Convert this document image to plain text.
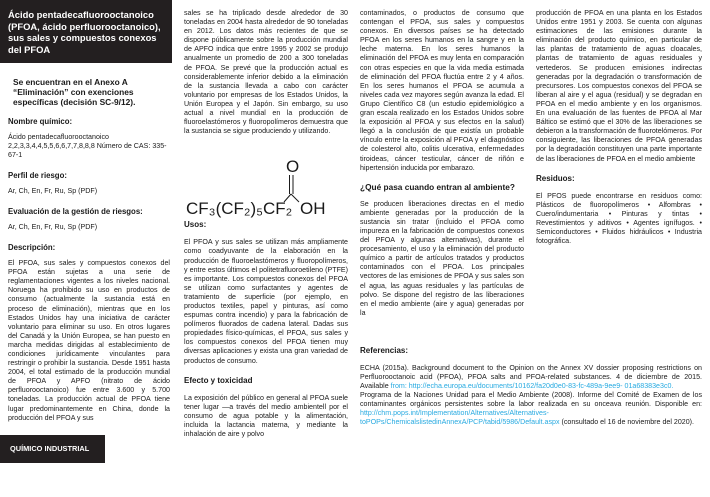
Ácido pentadecafluorooctanoico (PFOA, ácido perfluorooctanoico), sus sales y compuestos conexos del PFOA
Se encuentran en el Anexo A “Eliminación” con exenciones específicas (decisión SC-9/12).
Nombre químico:
Ácido pentadecafluorooctanoico 2,2,3,3,4,4,5,5,6,6,7,7,8,8,8 Número de CAS: 335-67-1
Perfil de riesgo:
Ar, Ch, En, Fr, Ru, Sp (PDF)
Evaluación de la gestión de riesgos:
Ar, Ch, En, Fr, Ru, Sp (PDF)
Descripción:
El PFOA, sus sales y compuestos conexos del PFOA están sujetas a una serie de reglamentaciones vigentes a los niveles nacional. Noruega ha prohibido su uso en productos de consumo (actualmente la sustancia está en proceso de eliminación), mientras que en los Estados Unidos hay una iniciativa de carácter voluntario para eliminar su uso. En otros lugares del Canadá y la Unión Europea, se han puesto en marcha medidas dirigidas al establecimiento de condiciones jurídicamente vinculantes para restringir o prohibir la sustancia. Desde 1951 hasta 2004, el total estimado de la producción mundial de PFOA y APFO (nitrato de ácido perfluorooctanoico) fue entre 3.600 y 5.700 toneladas. La producción actual de PFOA tiene lugar predominantemente en China, donde la producción del PFOA y sus
QUÍMICO INDUSTRIAL
sales se ha triplicado desde alrededor de 30 toneladas en 2004 hasta alrededor de 90 toneladas en 2012. Los datos más recientes de que se dispone públicamente sobre la producción mundial de APFO indica que entre 1995 y 2002 se produjo anualmente un promedio de 200 a 300 toneladas de PFOA. Se prevé que la producción actual es considerablemente inferior debido a la eliminación de la sustancia llevada a cabo con carácter voluntario por empresas de los Estados Unidos, la Unión Europea y el Japón. Sin embargo, su uso actual a nivel mundial en la producción de fluoroelastómeros y fluoropolímeros demuestra que la sustancia se sigue produciendo y utilizando.
O
OH
CF₃(CF₂)₅CF₂
Usos:
El PFOA y sus sales se utilizan más ampliamente como coadyuvante de la elaboración en la producción de fluoroelastómeros y fluoropolímeros, y entre estos últimos el politetrafluoroetileno (PTFE) es importante. Los compuestos conexos del PFOA se utilizan como surfactantes y agentes de tratamiento de superficie (por ejemplo, en productos textiles, papel y pinturas, así como espumas contra incendio) y para la fabricación de polímeros fluorados de cadena lateral. Dadas sus propiedades físico-químicas, el PFOA, sus sales y los compuestos conexos del PFOA tienen muy diversas aplicaciones y exista una gran variedad de productos de consumo.
Efecto y toxicidad
La exposición del público en general al PFOA suele tener lugar —a través del medio ambientell por el consumo de agua potable y la alimentación, incluida la lactancia materna, y mediante la inhalación de aire y polvo
contaminados, o productos de consumo que contengan el PFOA, sus sales y compuestos conexos. En diversos países se ha detectado PFOA en los seres humanos en la sangre y en la leche materna. En los seres humanos la eliminación del PFOA es muy lenta en comparación con otras especies en que la vida media estimada de eliminación del PFOA fluctúa entre 2 y 4 años. En los seres humanos el PFOA se acumula a niveles cada vez mayores según avanza la edad. El Grupo Científico C8 (un estudio epidemiológico a gran escala realizado en los Estados Unidos sobre la exposición al PFOA y sus efectos en la salud) llegó a la conclusión de que existía un probable vínculo entre la exposición al PFOA y el diagnóstico de colesterol alto, colitis ulcerativa, enfermedades tiroideas, cáncer testicular, cáncer de riñón e hipertensión inducida por embarazo.
¿Qué pasa cuando entran al ambiente?
Se producen liberaciones directas en el medio ambiente generadas por la producción de la sustancia sin tratar (incluido el PFOA como impureza en la fabricación de compuestos conexos del PFOA y algunas alternativas), durante el procesamiento, el uso y la eliminación del producto químico a partir de artículos tratados y productos contaminados con el PFOA. Los principales vectores de las emisiones de PFOA y sus sales son el agua, las aguas residuales y las partículas de polvo. Se dispone del registro de las liberaciones en el medio ambiente (aire y agua) generadas por la
producción de PFOA en una planta en los Estados Unidos entre 1951 y 2003. Se cuenta con algunas estimaciones de las emisiones durante la eliminación del producto químico, en particular de las plantas de tratamiento de aguas cloacales, plantas de tratamiento de aguas residuales y vertederos. Se producen emisiones indirectas generadas por la degradación o transformación de precursores. Los compuestos conexos del PFOA se liberan al aire y el agua (residual) y se degradan en PFOA en el medio ambiente y en los organismos. En una evaluación de las fuentes de PFOA al Mar Báltico se estimó que el 30% de las liberaciones se debieron a la transformación de fluorotelómeros. Por consiguiente, las liberaciones de PFOA generadas por la degradación constituyen una parte importante de las liberaciones de PFOA en el medio ambiente
Residuos:
El PFOS puede encontrarse en residuos como: Plásticos de fluoropolímeros • Alfombras • Cuero/indumentaria • Pinturas y tintas • Revestimientos y aditivos • Agentes ignífugos. • Semiconductores • Fluidos hidráulicos • Industria fotográfica.
Referencias:
ECHA (2015a). Background document to the Opinion on the Annex XV dossier proposing restrictions on Perfluorooctanoic acid (PFOA), PFOA salts and PFOA-related substances. 4 de diciembre de 2015. Available from: http://echa.europa.eu/documents/10162/fa20d0e0-83-fc-489a-9ee9- 01a68383e3c0.
Programa de la Naciones Unidad para el Medio Ambiente (2008). Informe del Comité de Examen de los contaminantes orgánicos persistentes sobre la labor realizada en su onceava reunión. Disponible en: http://chm.pops.int/Implementation/Alternatives/Alternatives-toPOPs/ChemicalslistedinAnnexA/PCP/tabid/5986/Default.aspx (consultado el 16 de noviembre del 2020).
